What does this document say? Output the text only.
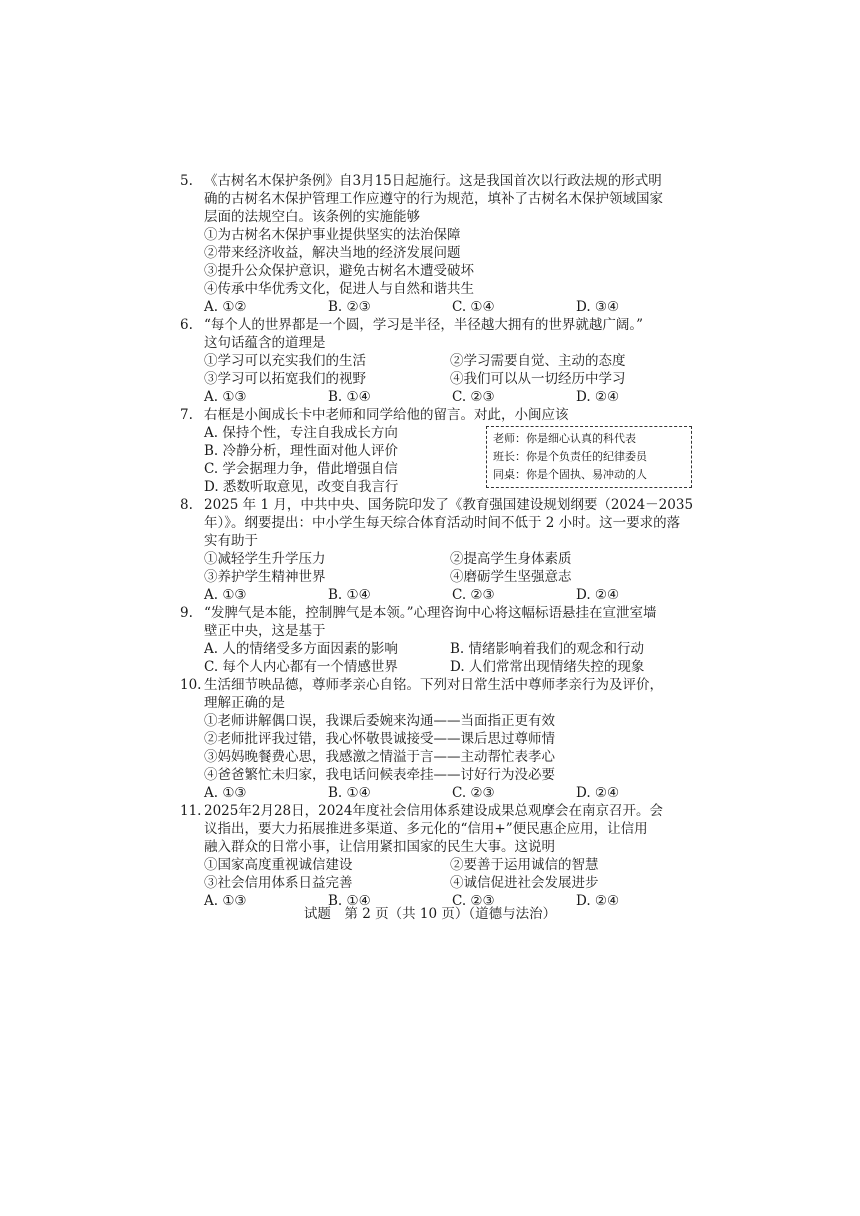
5. 《古树名木保护条例》自3月15日起施行。这是我国首次以行政法规的形式明
确的古树名木保护管理工作应遵守的行为规范，填补了古树名木保护领域国家
层面的法规空白。该条例的实施能够
①为古树名木保护事业提供坚实的法治保障
②带来经济收益，解决当地的经济发展问题
③提升公众保护意识，避免古树名木遭受破坏
④传承中华优秀文化，促进人与自然和谐共生
A. ①②	B. ②③	C. ①④	D. ③④
6. “每个人的世界都是一个圆，学习是半径，半径越大拥有的世界就越广阔。”
这句话蕴含的道理是
①学习可以充实我们的生活	②学习需要自觉、主动的态度
③学习可以拓宽我们的视野	④我们可以从一切经历中学习
A. ①③	B. ①④	C. ②③	D. ②④
7. 右框是小闽成长卡中老师和同学给他的留言。对此，小闽应该
A. 保持个性，专注自我成长方向
B. 冷静分析，理性面对他人评价
C. 学会据理力争，借此增强自信
D. 悉数听取意见，改变自我言行
老师：你是细心认真的科代表
班长：你是个负责任的纪律委员
同桌：你是个固执、易冲动的人
8. 2025 年 1 月，中共中央、国务院印发了《教育强国建设规划纲要（2024－2035
年）》。纲要提出：中小学生每天综合体育活动时间不低于 2 小时。这一要求的落
实有助于
①减轻学生升学压力	②提高学生身体素质
③养护学生精神世界	④磨砺学生坚强意志
A. ①③	B. ①④	C. ②③	D. ②④
9. “发脾气是本能，控制脾气是本领。”心理咨询中心将这幅标语悬挂在宣泄室墙
壁正中央，这是基于
A. 人的情绪受多方面因素的影响	B. 情绪影响着我们的观念和行动
C. 每个人内心都有一个情感世界	D. 人们常常出现情绪失控的现象
10. 生活细节映品德，尊师孝亲心自铭。下列对日常生活中尊师孝亲行为及评价，
理解正确的是
①老师讲解偶口误，我课后委婉来沟通——当面指正更有效
②老师批评我过错，我心怀敬畏诚接受——课后思过尊师情
③妈妈晚餐费心思，我感激之情溢于言——主动帮忙表孝心
④爸爸繁忙未归家，我电话问候表牵挂——讨好行为没必要
A. ①③	B. ①④	C. ②③	D. ②④
11. 2025年2月28日，2024年度社会信用体系建设成果总观摩会在南京召开。会
议指出，要大力拓展推进多渠道、多元化的“信用+”便民惠企应用，让信用
融入群众的日常小事，让信用紧扣国家的民生大事。这说明
①国家高度重视诚信建设	②要善于运用诚信的智慧
③社会信用体系日益完善	④诚信促进社会发展进步
A. ①③	B. ①④	C. ②③	D. ②④
试题　第 2 页（共 10 页）（道德与法治）
